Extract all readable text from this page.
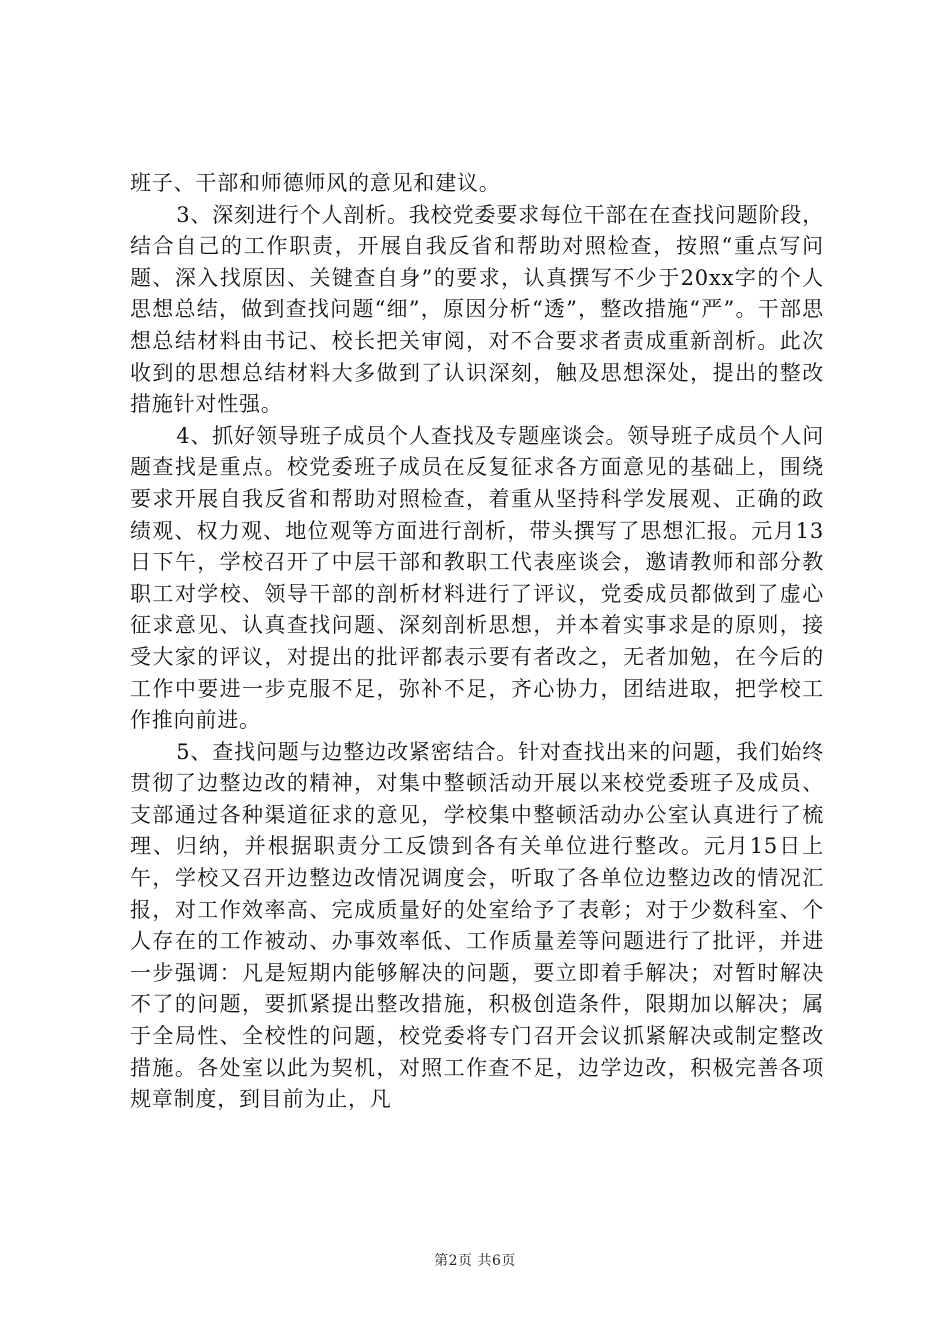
班子、干部和师德师风的意见和建议。

3、深刻进行个人剖析。我校党委要求每位干部在在查找问题阶段，结合自己的工作职责，开展自我反省和帮助对照检查，按照“重点写问题、深入找原因、关键查自身”的要求，认真撰写不少于20xx字的个人思想总结，做到查找问题“细”，原因分析“透”，整改措施“严”。干部思想总结材料由书记、校长把关审阅，对不合要求者责成重新剖析。此次收到的思想总结材料大多做到了认识深刻，触及思想深处，提出的整改措施针对性强。

4、抓好领导班子成员个人查找及专题座谈会。领导班子成员个人问题查找是重点。校党委班子成员在反复征求各方面意见的基础上，围绕要求开展自我反省和帮助对照检查，着重从坚持科学发展观、正确的政绩观、权力观、地位观等方面进行剖析，带头撰写了思想汇报。元月13日下午，学校召开了中层干部和教职工代表座谈会，邀请教师和部分教职工对学校、领导干部的剖析材料进行了评议，党委成员都做到了虚心征求意见、认真查找问题、深刻剖析思想，并本着实事求是的原则，接受大家的评议，对提出的批评都表示要有者改之，无者加勉，在今后的工作中要进一步克服不足，弥补不足，齐心协力，团结进取，把学校工作推向前进。

5、查找问题与边整边改紧密结合。针对查找出来的问题，我们始终贯彻了边整边改的精神，对集中整顿活动开展以来校党委班子及成员、支部通过各种渠道征求的意见，学校集中整顿活动办公室认真进行了梳理、归纳，并根据职责分工反馈到各有关单位进行整改。元月15日上午，学校又召开边整边改情况调度会，听取了各单位边整边改的情况汇报，对工作效率高、完成质量好的处室给予了表彰；对于少数科室、个人存在的工作被动、办事效率低、工作质量差等问题进行了批评，并进一步强调：凡是短期内能够解决的问题，要立即着手解决；对暂时解决不了的问题，要抓紧提出整改措施，积极创造条件，限期加以解决；属于全局性、全校性的问题，校党委将专门召开会议抓紧解决或制定整改措施。各处室以此为契机，对照工作查不足，边学边改，积极完善各项规章制度，到目前为止，凡

第2页 共6页
